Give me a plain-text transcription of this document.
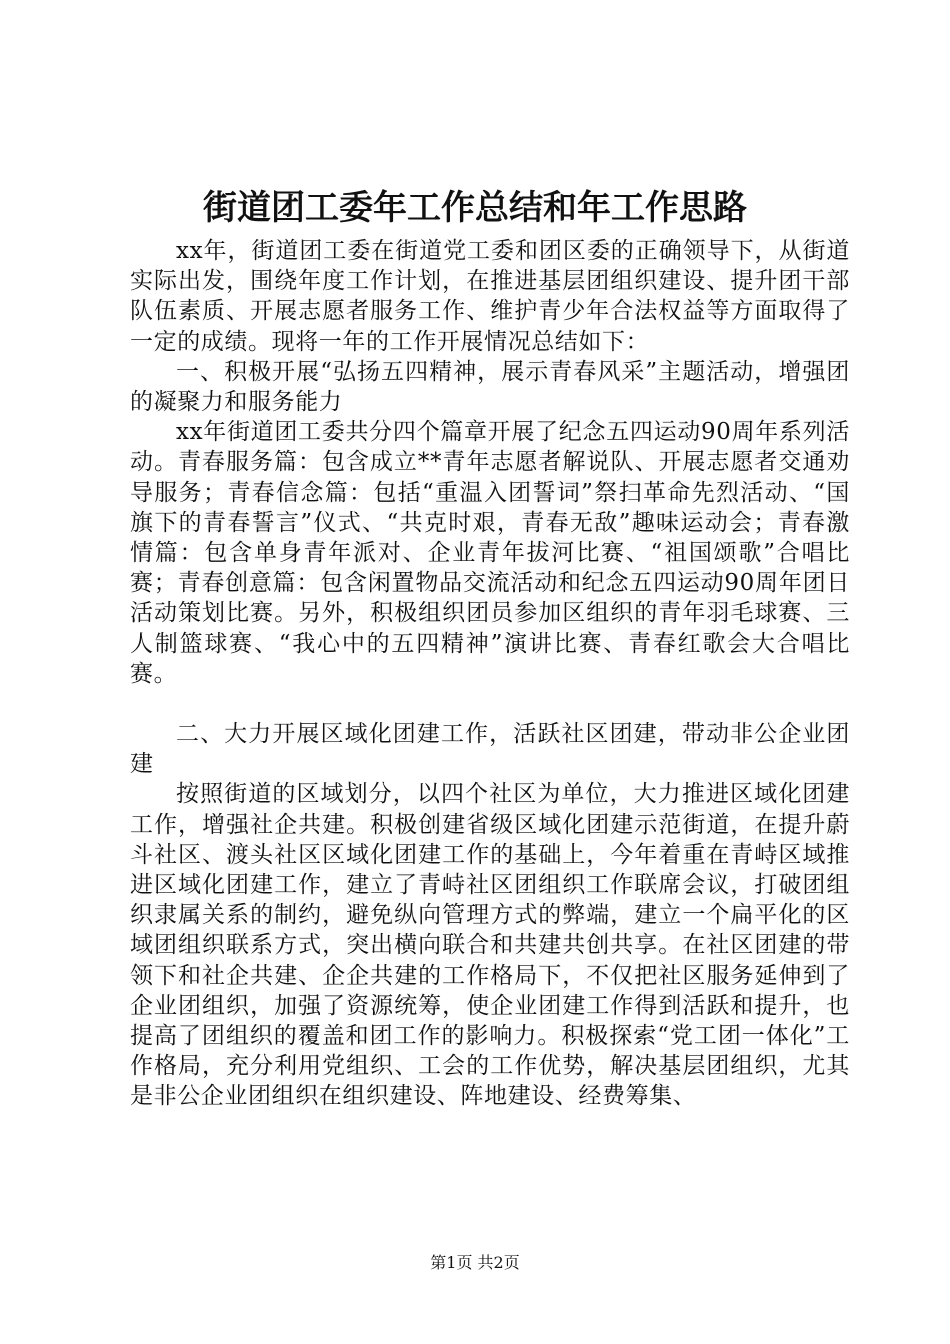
街道团工委年工作总结和年工作思路

xx年，街道团工委在街道党工委和团区委的正确领导下，从街道实际出发，围绕年度工作计划，在推进基层团组织建设、提升团干部队伍素质、开展志愿者服务工作、维护青少年合法权益等方面取得了一定的成绩。现将一年的工作开展情况总结如下：

一、积极开展“弘扬五四精神，展示青春风采”主题活动，增强团的凝聚力和服务能力

xx年街道团工委共分四个篇章开展了纪念五四运动90周年系列活动。青春服务篇：包含成立**青年志愿者解说队、开展志愿者交通劝导服务；青春信念篇：包括“重温入团誓词”祭扫革命先烈活动、“国旗下的青春誓言”仪式、“共克时艰，青春无敌”趣味运动会；青春激情篇：包含单身青年派对、企业青年拔河比赛、“祖国颂歌”合唱比赛；青春创意篇：包含闲置物品交流活动和纪念五四运动90周年团日活动策划比赛。另外，积极组织团员参加区组织的青年羽毛球赛、三人制篮球赛、“我心中的五四精神”演讲比赛、青春红歌会大合唱比赛。

二、大力开展区域化团建工作，活跃社区团建，带动非公企业团建

按照街道的区域划分，以四个社区为单位，大力推进区域化团建工作，增强社企共建。积极创建省级区域化团建示范街道，在提升蔚斗社区、渡头社区区域化团建工作的基础上，今年着重在青峙区域推进区域化团建工作，建立了青峙社区团组织工作联席会议，打破团组织隶属关系的制约，避免纵向管理方式的弊端，建立一个扁平化的区域团组织联系方式，突出横向联合和共建共创共享。在社区团建的带领下和社企共建、企企共建的工作格局下，不仅把社区服务延伸到了企业团组织，加强了资源统筹，使企业团建工作得到活跃和提升，也提高了团组织的覆盖和团工作的影响力。积极探索“党工团一体化”工作格局，充分利用党组织、工会的工作优势，解决基层团组织，尤其是非公企业团组织在组织建设、阵地建设、经费筹集、

第1页 共2页
